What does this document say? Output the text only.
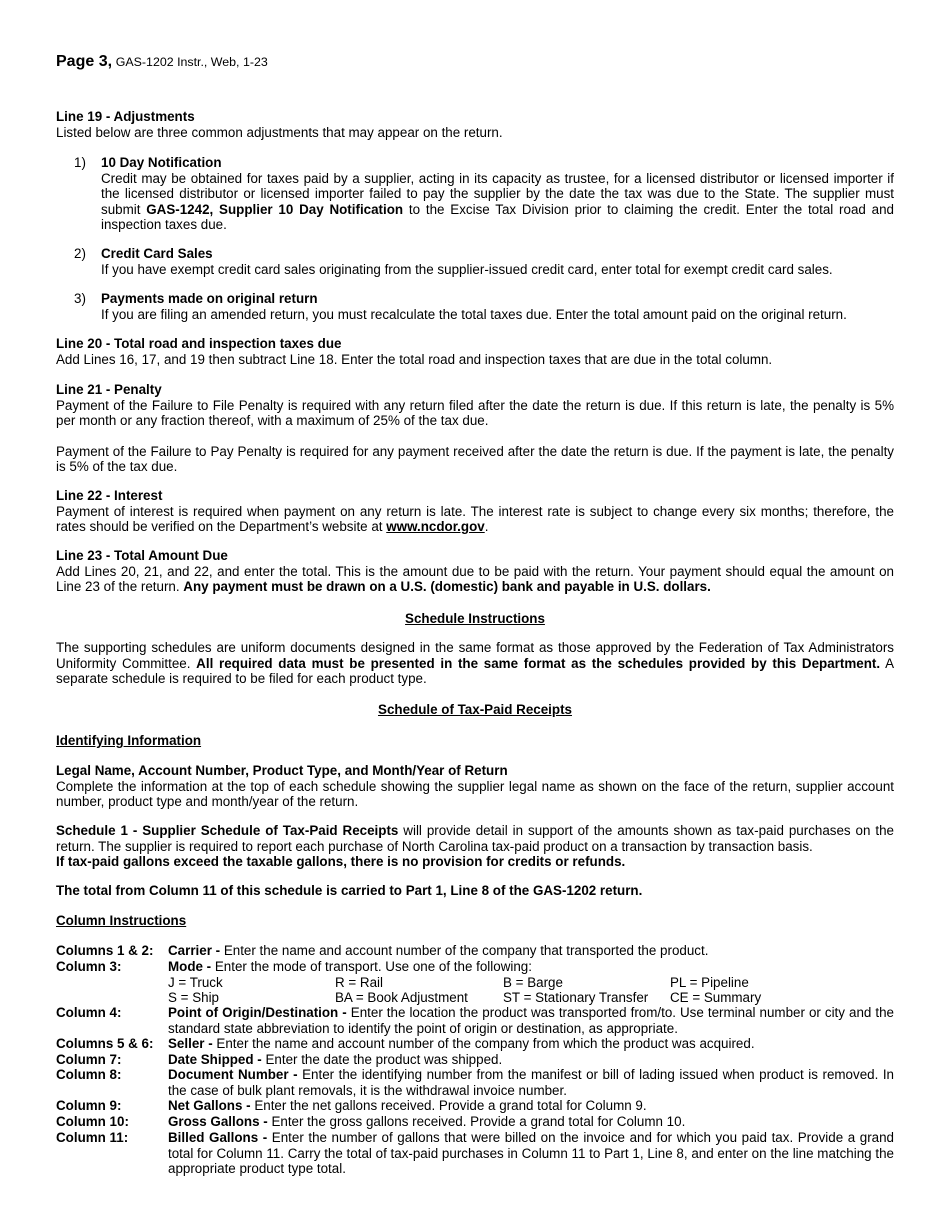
Page 3, GAS-1202 Instr., Web, 1-23

Line 19 - Adjustments

Listed below are three common adjustments that may appear on the return.

1) 10 Day Notification

Credit may be obtained for taxes paid by a supplier, acting in its capacity as trustee, for a licensed distributor or licensed importer if the licensed distributor or licensed importer failed to pay the supplier by the date the tax was due to the State. The supplier must submit GAS-1242, Supplier 10 Day Notification to the Excise Tax Division prior to claiming the credit. Enter the total road and inspection taxes due.

2) Credit Card Sales

If you have exempt credit card sales originating from the supplier-issued credit card, enter total for exempt credit card sales.

3) Payments made on original return

If you are filing an amended return, you must recalculate the total taxes due. Enter the total amount paid on the original return.

Line 20 - Total road and inspection taxes due

Add Lines 16, 17, and 19 then subtract Line 18. Enter the total road and inspection taxes that are due in the total column.

Line 21 - Penalty

Payment of the Failure to File Penalty is required with any return filed after the date the return is due. If this return is late, the penalty is 5% per month or any fraction thereof, with a maximum of 25% of the tax due.

Payment of the Failure to Pay Penalty is required for any payment received after the date the return is due. If the payment is late, the penalty is 5% of the tax due.

Line 22 - Interest

Payment of interest is required when payment on any return is late. The interest rate is subject to change every six months; therefore, the rates should be verified on the Department’s website at www.ncdor.gov.

Line 23 - Total Amount Due

Add Lines 20, 21, and 22, and enter the total. This is the amount due to be paid with the return. Your payment should equal the amount on Line 23 of the return. Any payment must be drawn on a U.S. (domestic) bank and payable in U.S. dollars.

Schedule Instructions

The supporting schedules are uniform documents designed in the same format as those approved by the Federation of Tax Administrators Uniformity Committee. All required data must be presented in the same format as the schedules provided by this Department. A separate schedule is required to be filed for each product type.

Schedule of Tax-Paid Receipts
Identifying Information

Legal Name, Account Number, Product Type, and Month/Year of Return

Complete the information at the top of each schedule showing the supplier legal name as shown on the face of the return, supplier account number, product type and month/year of the return.

Schedule 1 - Supplier Schedule of Tax-Paid Receipts will provide detail in support of the amounts shown as tax-paid purchases on the return. The supplier is required to report each purchase of North Carolina tax-paid product on a transaction by transaction basis.

If tax-paid gallons exceed the taxable gallons, there is no provision for credits or refunds.

The total from Column 11 of this schedule is carried to Part 1, Line 8 of the GAS-1202 return.
Column Instructions
Columns 1 & 2: Carrier - Enter the name and account number of the company that transported the product.

Column 3:	Mode - Enter the mode of transport. Use one of the following:

J = Truck	R = Rail	B = Barge	PL = Pipeline
S = Ship	BA = Book Adjustment	ST = Stationary Transfer CE = Summary
Column 4:	Point of Origin/Destination - Enter the location the product was transported from/to. Use terminal number or city and the standard state abbreviation to identify the point of origin or destination, as appropriate.

Columns 5 & 6: Seller - Enter the name and account number of the company from which the product was acquired.

Column 7:	Date Shipped - Enter the date the product was shipped.

Column 8:	Document Number - Enter the identifying number from the manifest or bill of lading issued when product is removed. In the case of bulk plant removals, it is the withdrawal invoice number.

Column 9:	Net Gallons - Enter the net gallons received. Provide a grand total for Column 9.

Column 10:	Gross Gallons - Enter the gross gallons received. Provide a grand total for Column 10.

Column 11:	Billed Gallons - Enter the number of gallons that were billed on the invoice and for which you paid tax. Provide a grand total for Column 11. Carry the total of tax-paid purchases in Column 11 to Part 1, Line 8, and enter on the line matching the appropriate product type total.
